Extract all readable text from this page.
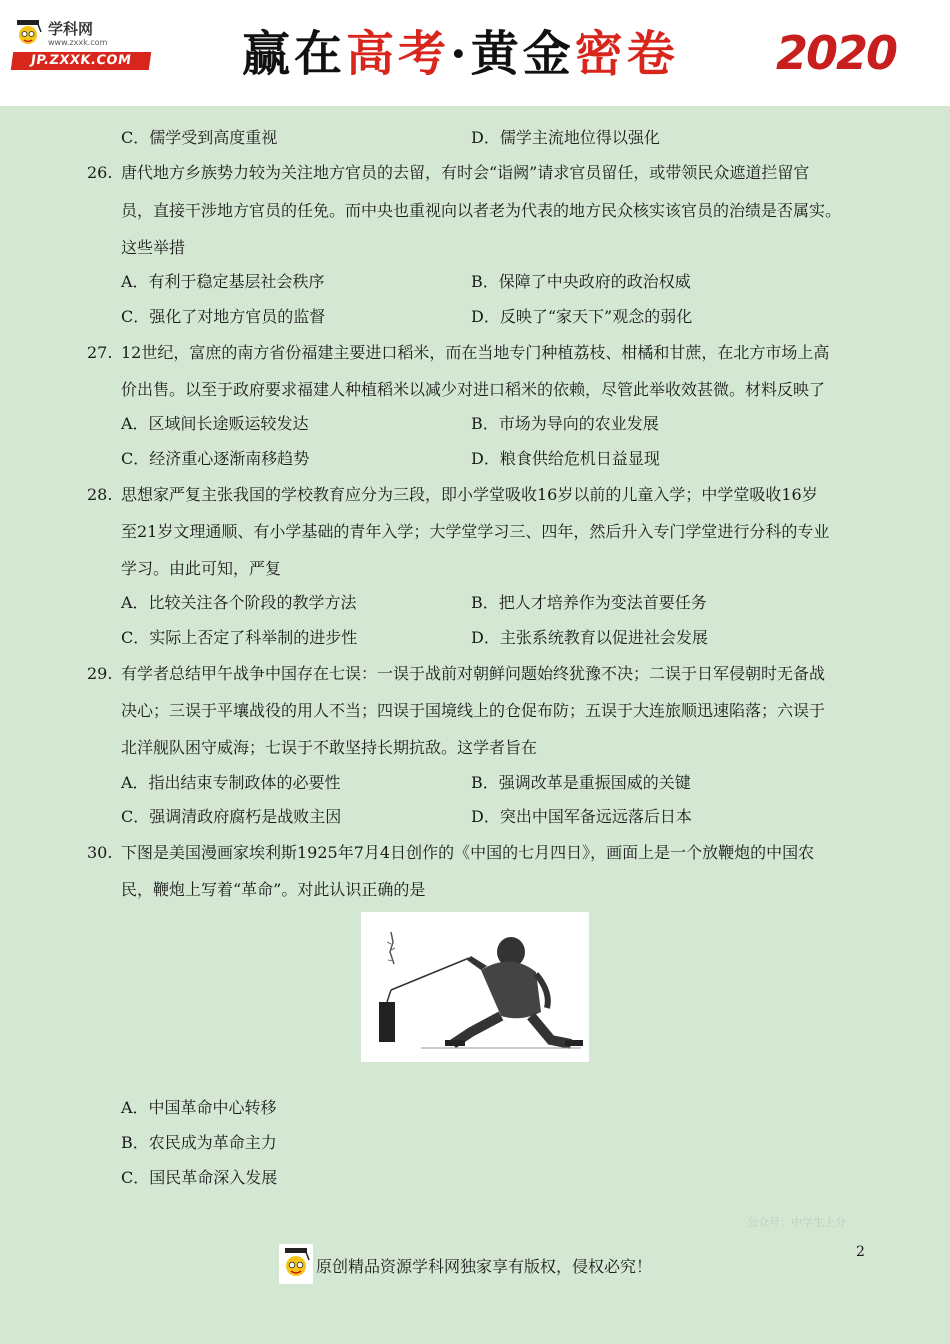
学科网
www.zxxk.com
JP.ZXXK.COM	赢在高考·黄金密卷 2020
C．儒学受到高度重视	D．儒学主流地位得以强化
26. 唐代地方乡族势力较为关注地方官员的去留，有时会“诣阙”请求官员留任，或带领民众遮道拦留官
员，直接干涉地方官员的任免。而中央也重视向以者老为代表的地方民众核实该官员的治绩是否属实。
这些举措
A．有利于稳定基层社会秩序	B．保障了中央政府的政治权威
C．强化了对地方官员的监督	D．反映了“家天下”观念的弱化
27. 12世纪，富庶的南方省份福建主要进口稻米，而在当地专门种植荔枝、柑橘和甘蔗，在北方市场上高
价出售。以至于政府要求福建人种植稻米以减少对进口稻米的依赖，尽管此举收效甚微。材料反映了
A．区域间长途贩运较发达	B．市场为导向的农业发展
C．经济重心逐渐南移趋势	D．粮食供给危机日益显现
28. 思想家严复主张我国的学校教育应分为三段，即小学堂吸收16岁以前的儿童入学；中学堂吸收16岁
至21岁文理通顺、有小学基础的青年入学；大学堂学习三、四年，然后升入专门学堂进行分科的专业
学习。由此可知，严复
A．比较关注各个阶段的教学方法	B．把人才培养作为变法首要任务
C．实际上否定了科举制的进步性	D．主张系统教育以促进社会发展
29. 有学者总结甲午战争中国存在七误：一误于战前对朝鲜问题始终犹豫不决；二误于日军侵朝时无备战
决心；三误于平壤战役的用人不当；四误于国境线上的仓促布防；五误于大连旅顺迅速陷落；六误于
北洋舰队困守威海；七误于不敢坚持长期抗敌。这学者旨在
A．指出结束专制政体的必要性	B．强调改革是重振国威的关键
C．强调清政府腐朽是战败主因	D．突出中国军备远远落后日本
30. 下图是美国漫画家埃利斯1925年7月4日创作的《中国的七月四日》，画面上是一个放鞭炮的中国农
民，鞭炮上写着“革命”。对此认识正确的是
A．中国革命中心转移
B．农民成为革命主力
C．国民革命深入发展
公众号：中学生上分
2
原创精品资源学科网独家享有版权，侵权必究！
